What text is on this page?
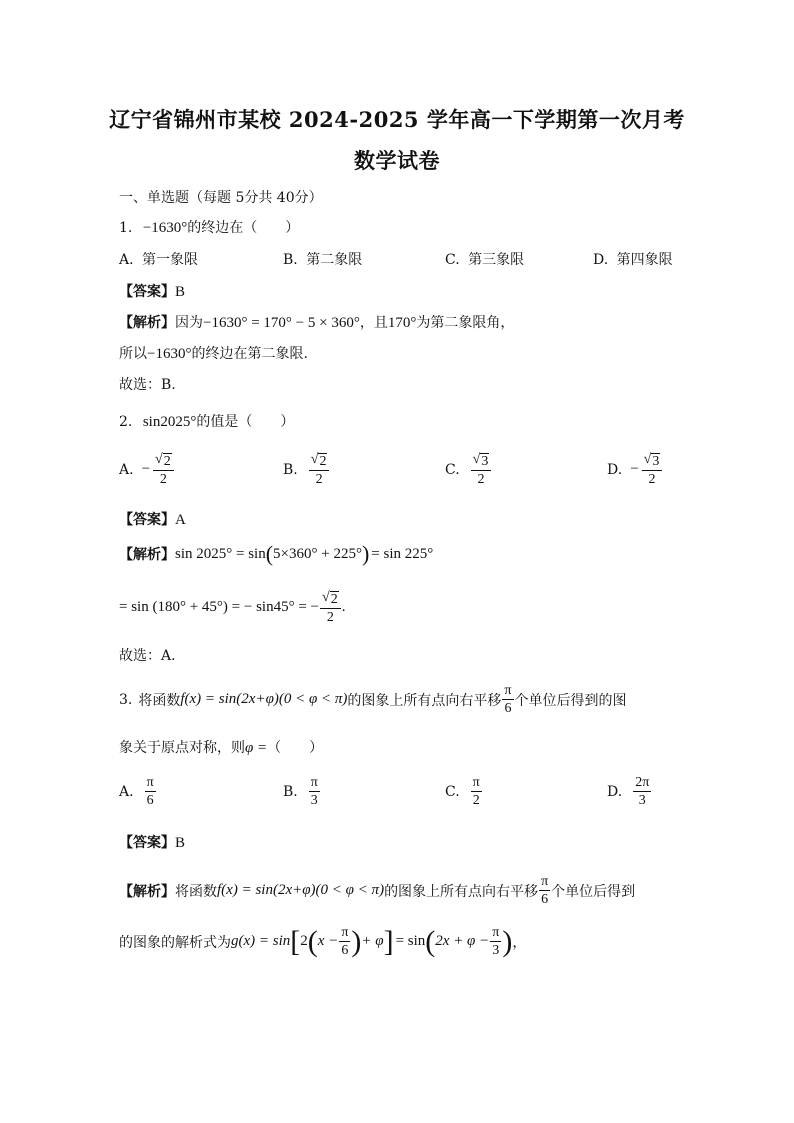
辽宁省锦州市某校 2024-2025 学年高一下学期第一次月考
数学试卷
一、单选题（每题 5分共 40分）
1. −1630°的终边在（　　）
A. 第一象限	B. 第二象限	C. 第三象限	D. 第四象限
【答案】B
【解析】因为−1630° = 170° − 5 × 360°，且170°为第二象限角，
所以−1630°的终边在第二象限.
故选：B.
2. sin2025°的值是（　　）
A. − $\frac{√ 2}{2}$	B. $\frac{√ 2}{2}$	C. $\frac{√ 3}{2}$	D. − $\frac{√ 3}{2}$
【答案】A
【解析】 sin 2025° = sin ( 5×360° + 225° ) = sin 225°
= sin (180° + 45°) = − sin45° = − $\frac{√ 2}{2}$ .
故选：A.
3. 将函数 f(x) = sin(2x+φ)(0 < φ < π) 的图象上所有点向右平移 $\frac{\pi}{6}$ 个单位后得到的图
象关于原点对称，则φ =（　　）
A. $\frac{\pi}{6}$	B. $\frac{\pi}{3}$	C. $\frac{\pi}{2}$	D. $\frac{2\pi}{3}$
【答案】B
【解析】 将函数 f(x) = sin(2x+φ)(0 < φ < π) 的图象上所有点向右平移 $\frac{\pi}{6}$ 个单位后得到
的图象的解析式为 g(x) = sin [ 2 ( $x - \frac{\pi}{6}$ ) + φ ] = sin ( $2x + \varphi - \frac{\pi}{3}$ ) ，
